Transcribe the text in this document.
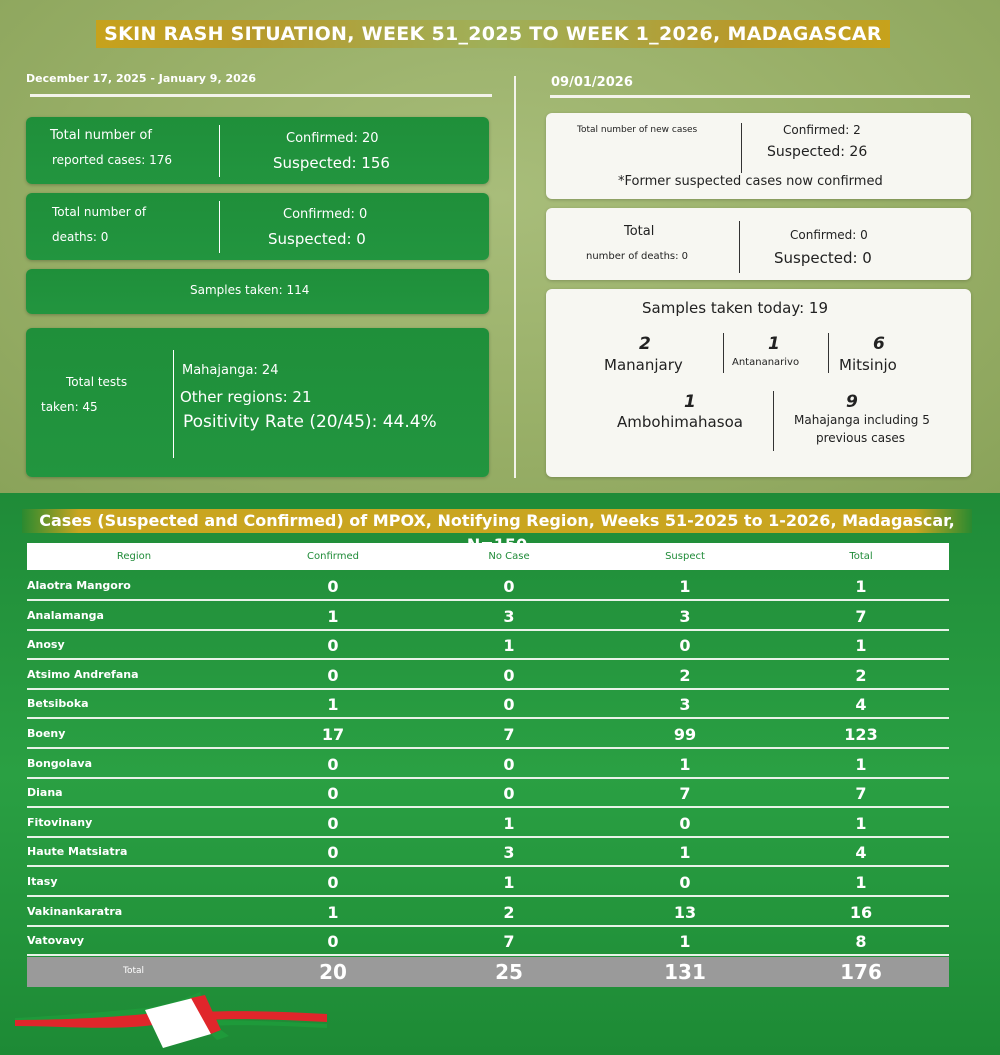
SKIN RASH SITUATION, WEEK 51_2025 TO WEEK 1_2026, MADAGASCAR
December 17, 2025 - January 9, 2026
Total number of
reported cases: 176
Confirmed: 20
Suspected: 156
Total number of
deaths: 0
Confirmed: 0
Suspected: 0
Samples taken: 114
Total tests
taken: 45
Mahajanga: 24
Other regions: 21
Positivity Rate (20/45): 44.4%
09/01/2026
Total number of new cases	Confirmed: 2
Suspected: 26
*Former suspected cases now confirmed
Total
number of deaths: 0
Confirmed: 0
Suspected: 0
Samples taken today: 19
2
Mananjary
1
Antananarivo
6
Mitsinjo
1
Ambohimahasoa
9
Mahajanga including 5
previous cases
Cases (Suspected and Confirmed) of MPOX, Notifying Region, Weeks 51-2025 to 1-2026, Madagascar,
Region	Confirmed	No Case	Suspect	Total
Alaotra Mangoro	0	0	1	1
Analamanga	1	3	3	7
Anosy	0	1	0	1
Atsimo Andrefana	0	0	2	2
Betsiboka	1	0	3	4
Boeny	17	7	99	123
Bongolava	0	0	1	1
Diana	0	0	7	7
Fitovinany	0	1	0	1
Haute Matsiatra	0	3	1	4
Itasy	0	1	0	1
Vakinankaratra	1	2	13	16
Vatovavy	0	7	1	8
Total	20	25	131	176
